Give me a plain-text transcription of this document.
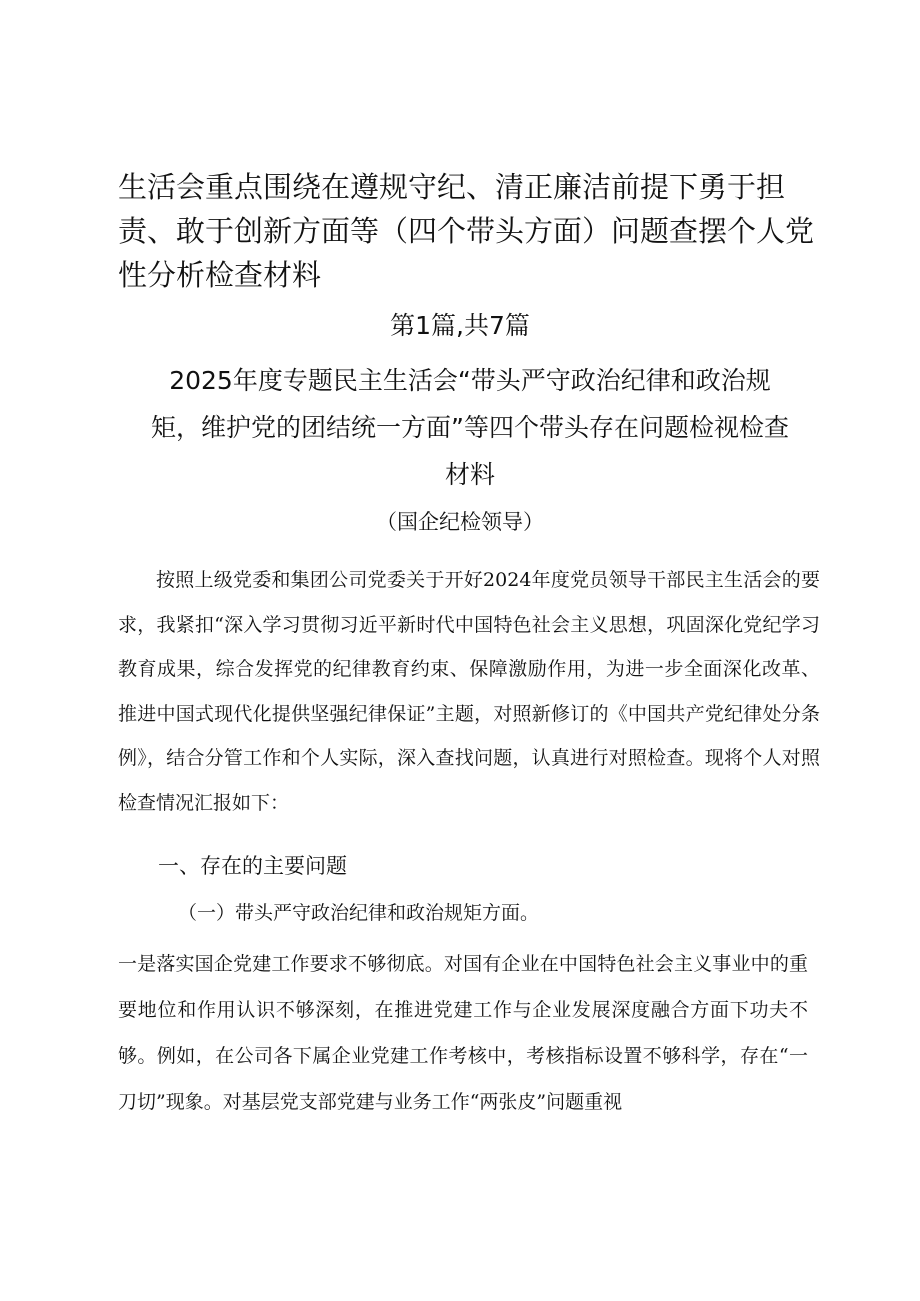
生活会重点围绕在遵规守纪、清正廉洁前提下勇于担责、敢于创新方面等（四个带头方面）问题查摆个人党性分析检查材料
第1篇,共7篇
2025年度专题民主生活会“带头严守政治纪律和政治规矩，维护党的团结统一方面”等四个带头存在问题检视检查材料
（国企纪检领导）

按照上级党委和集团公司党委关于开好2024年度党员领导干部民主生活会的要求，我紧扣“深入学习贯彻习近平新时代中国特色社会主义思想，巩固深化党纪学习教育成果，综合发挥党的纪律教育约束、保障激励作用，为进一步全面深化改革、推进中国式现代化提供坚强纪律保证”主题，对照新修订的《中国共产党纪律处分条例》，结合分管工作和个人实际，深入查找问题，认真进行对照检查。现将个人对照检查情况汇报如下：

一、存在的主要问题
（一）带头严守政治纪律和政治规矩方面。

一是落实国企党建工作要求不够彻底。对国有企业在中国特色社会主义事业中的重要地位和作用认识不够深刻，在推进党建工作与企业发展深度融合方面下功夫不够。例如，在公司各下属企业党建工作考核中，考核指标设置不够科学，存在“一刀切”现象。对基层党支部党建与业务工作“两张皮”问题重视
